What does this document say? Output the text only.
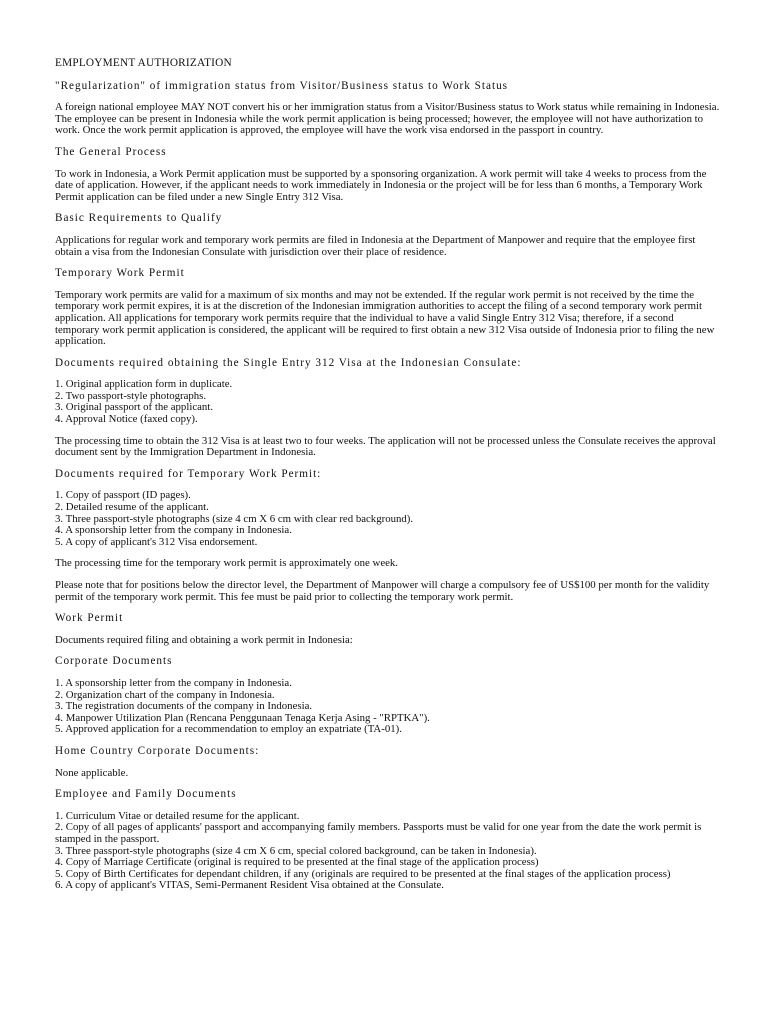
EMPLOYMENT AUTHORIZATION
"Regularization" of immigration status from Visitor/Business status to Work Status

A foreign national employee MAY NOT convert his or her immigration status from a Visitor/Business status to Work status while remaining in Indonesia. The employee can be present in Indonesia while the work permit application is being processed; however, the employee will not have authorization to work. Once the work permit application is approved, the employee will have the work visa endorsed in the passport in country.

The General Process

To work in Indonesia, a Work Permit application must be supported by a sponsoring organization. A work permit will take 4 weeks to process from the date of application. However, if the applicant needs to work immediately in Indonesia or the project will be for less than 6 months, a Temporary Work Permit application can be filed under a new Single Entry 312 Visa.

Basic Requirements to Qualify

Applications for regular work and temporary work permits are filed in Indonesia at the Department of Manpower and require that the employee first obtain a visa from the Indonesian Consulate with jurisdiction over their place of residence.

Temporary Work Permit

Temporary work permits are valid for a maximum of six months and may not be extended. If the regular work permit is not received by the time the temporary work permit expires, it is at the discretion of the Indonesian immigration authorities to accept the filing of a second temporary work permit application. All applications for temporary work permits require that the individual to have a valid Single Entry 312 Visa; therefore, if a second temporary work permit application is considered, the applicant will be required to first obtain a new 312 Visa outside of Indonesia prior to filing the new application.

Documents required obtaining the Single Entry 312 Visa at the Indonesian Consulate:
1. Original application form in duplicate.
2. Two passport-style photographs.
3. Original passport of the applicant.
4. Approval Notice (faxed copy).

The processing time to obtain the 312 Visa is at least two to four weeks. The application will not be processed unless the Consulate receives the approval document sent by the Immigration Department in Indonesia.

Documents required for Temporary Work Permit:
1. Copy of passport (ID pages).
2. Detailed resume of the applicant.
3. Three passport-style photographs (size 4 cm X 6 cm with clear red background).
4. A sponsorship letter from the company in Indonesia.
5. A copy of applicant's 312 Visa endorsement.

The processing time for the temporary work permit is approximately one week.

Please note that for positions below the director level, the Department of Manpower will charge a compulsory fee of US$100 per month for the validity permit of the temporary work permit. This fee must be paid prior to collecting the temporary work permit.

Work Permit

Documents required filing and obtaining a work permit in Indonesia:

Corporate Documents
1. A sponsorship letter from the company in Indonesia.
2. Organization chart of the company in Indonesia.
3. The registration documents of the company in Indonesia.
4. Manpower Utilization Plan (Rencana Penggunaan Tenaga Kerja Asing - "RPTKA").
5. Approved application for a recommendation to employ an expatriate (TA-01).
Home Country Corporate Documents:

None applicable.

Employee and Family Documents
1. Curriculum Vitae or detailed resume for the applicant.
2. Copy of all pages of applicants' passport and accompanying family members. Passports must be valid for one year from the date the work permit is stamped in the passport.
3. Three passport-style photographs (size 4 cm X 6 cm, special colored background, can be taken in Indonesia).
4. Copy of Marriage Certificate (original is required to be presented at the final stage of the application process)
5. Copy of Birth Certificates for dependant children, if any (originals are required to be presented at the final stages of the application process)
6. A copy of applicant's VITAS, Semi-Permanent Resident Visa obtained at the Consulate.
